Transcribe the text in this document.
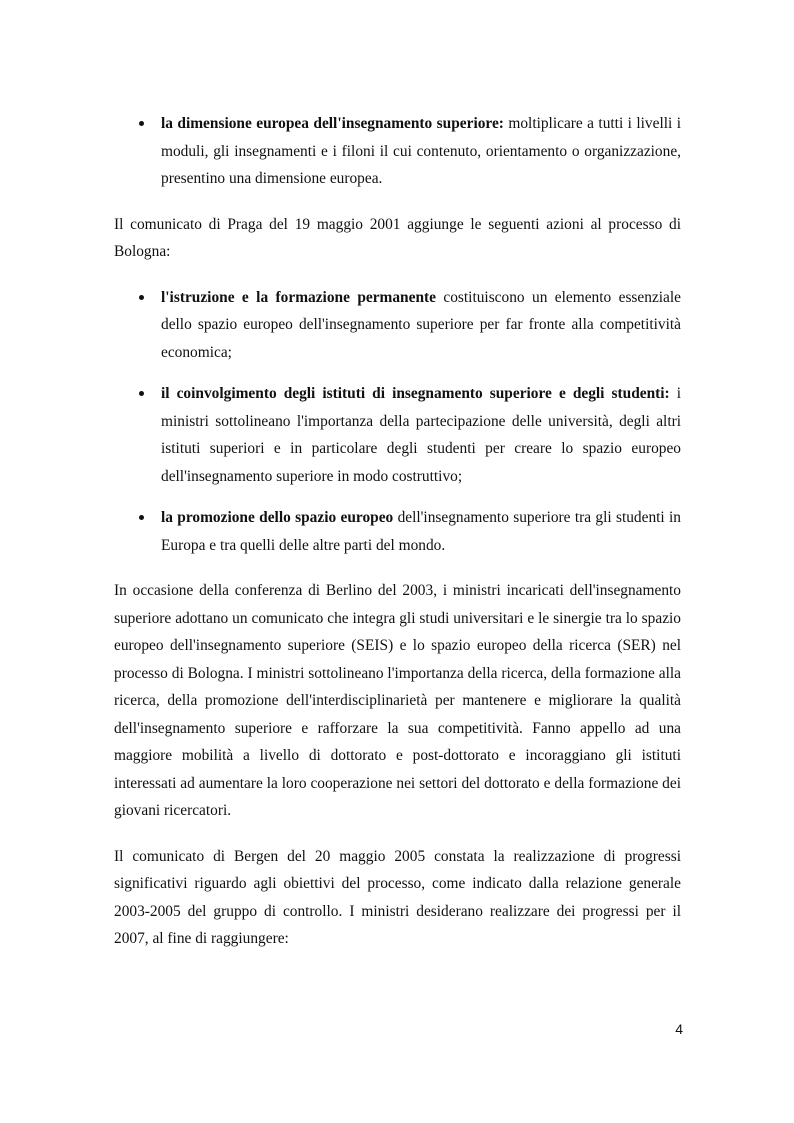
la dimensione europea dell'insegnamento superiore: moltiplicare a tutti i livelli i moduli, gli insegnamenti e i filoni il cui contenuto, orientamento o organizzazione, presentino una dimensione europea.

Il comunicato di Praga del 19 maggio 2001 aggiunge le seguenti azioni al processo di Bologna:

l'istruzione e la formazione permanente costituiscono un elemento essenziale dello spazio europeo dell'insegnamento superiore per far fronte alla competitività economica;
il coinvolgimento degli istituti di insegnamento superiore e degli studenti: i ministri sottolineano l'importanza della partecipazione delle università, degli altri istituti superiori e in particolare degli studenti per creare lo spazio europeo dell'insegnamento superiore in modo costruttivo;
la promozione dello spazio europeo dell'insegnamento superiore tra gli studenti in Europa e tra quelli delle altre parti del mondo.

In occasione della conferenza di Berlino del 2003, i ministri incaricati dell'insegnamento superiore adottano un comunicato che integra gli studi universitari e le sinergie tra lo spazio europeo dell'insegnamento superiore (SEIS) e lo spazio europeo della ricerca (SER) nel processo di Bologna. I ministri sottolineano l'importanza della ricerca, della formazione alla ricerca, della promozione dell'interdisciplinarietà per mantenere e migliorare la qualità dell'insegnamento superiore e rafforzare la sua competitività. Fanno appello ad una maggiore mobilità a livello di dottorato e post-dottorato e incoraggiano gli istituti interessati ad aumentare la loro cooperazione nei settori del dottorato e della formazione dei giovani ricercatori.

Il comunicato di Bergen del 20 maggio 2005 constata la realizzazione di progressi significativi riguardo agli obiettivi del processo, come indicato dalla relazione generale 2003-2005 del gruppo di controllo. I ministri desiderano realizzare dei progressi per il 2007, al fine di raggiungere:

4
